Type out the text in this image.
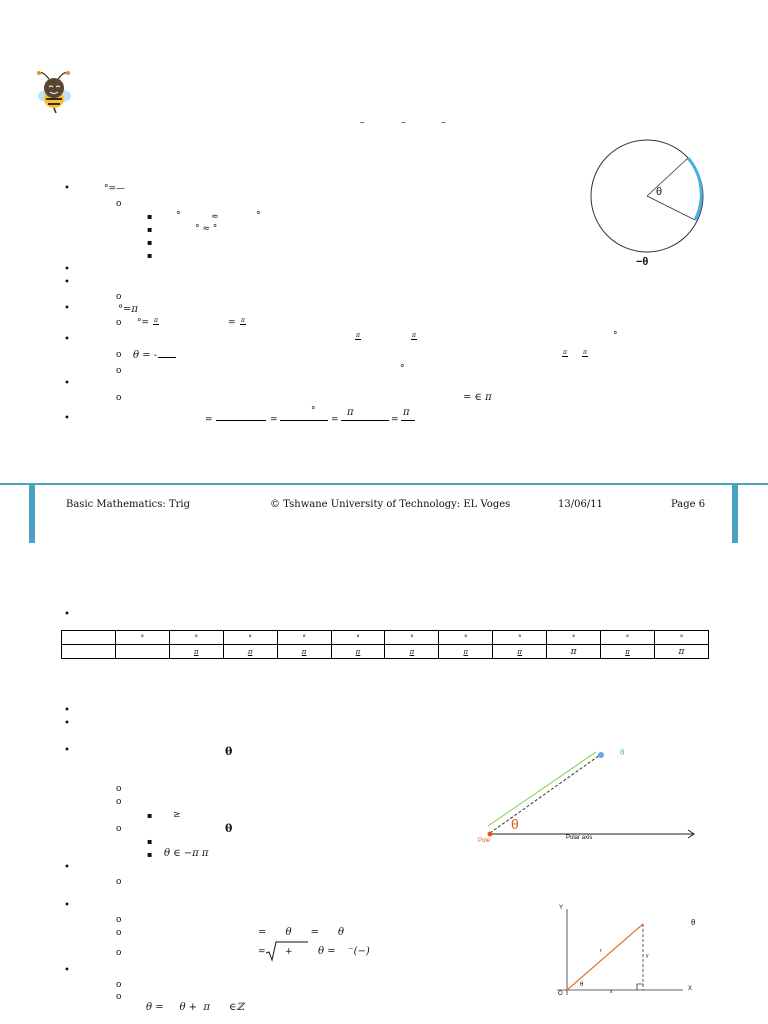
–	–	–
θ
−θ
•	°=—
o
▪	°	≈	°
▪	° ≈ °
▪
▪
•
•
o
•	°=π
o °= π	= π
•	π	π	°
o θ = -	π	π
o	°
•
o	= ∈ π
•	=	=
°
=
π
=
π
Basic Mathematics: Trig	© Tshwane University of Technology: EL Voges	13/06/11	Page 6
•
	°	°	°	°	°	°	°	°	°	°	°
		π	π	π	π	π	π	π	π	π	π
•
•
•	θ
o
o
▪ ≥
o	θ
▪
▪ θ ∈ −π π
•
o
θ
θ
Pole	Polar axis
•
o
o	=      θ      =      θ
o	= +	θ =    ⁻(−)
•
o
o
θ =     θ +  π      ∈ℤ
Y
X
O
θ
θ
r
y
x
